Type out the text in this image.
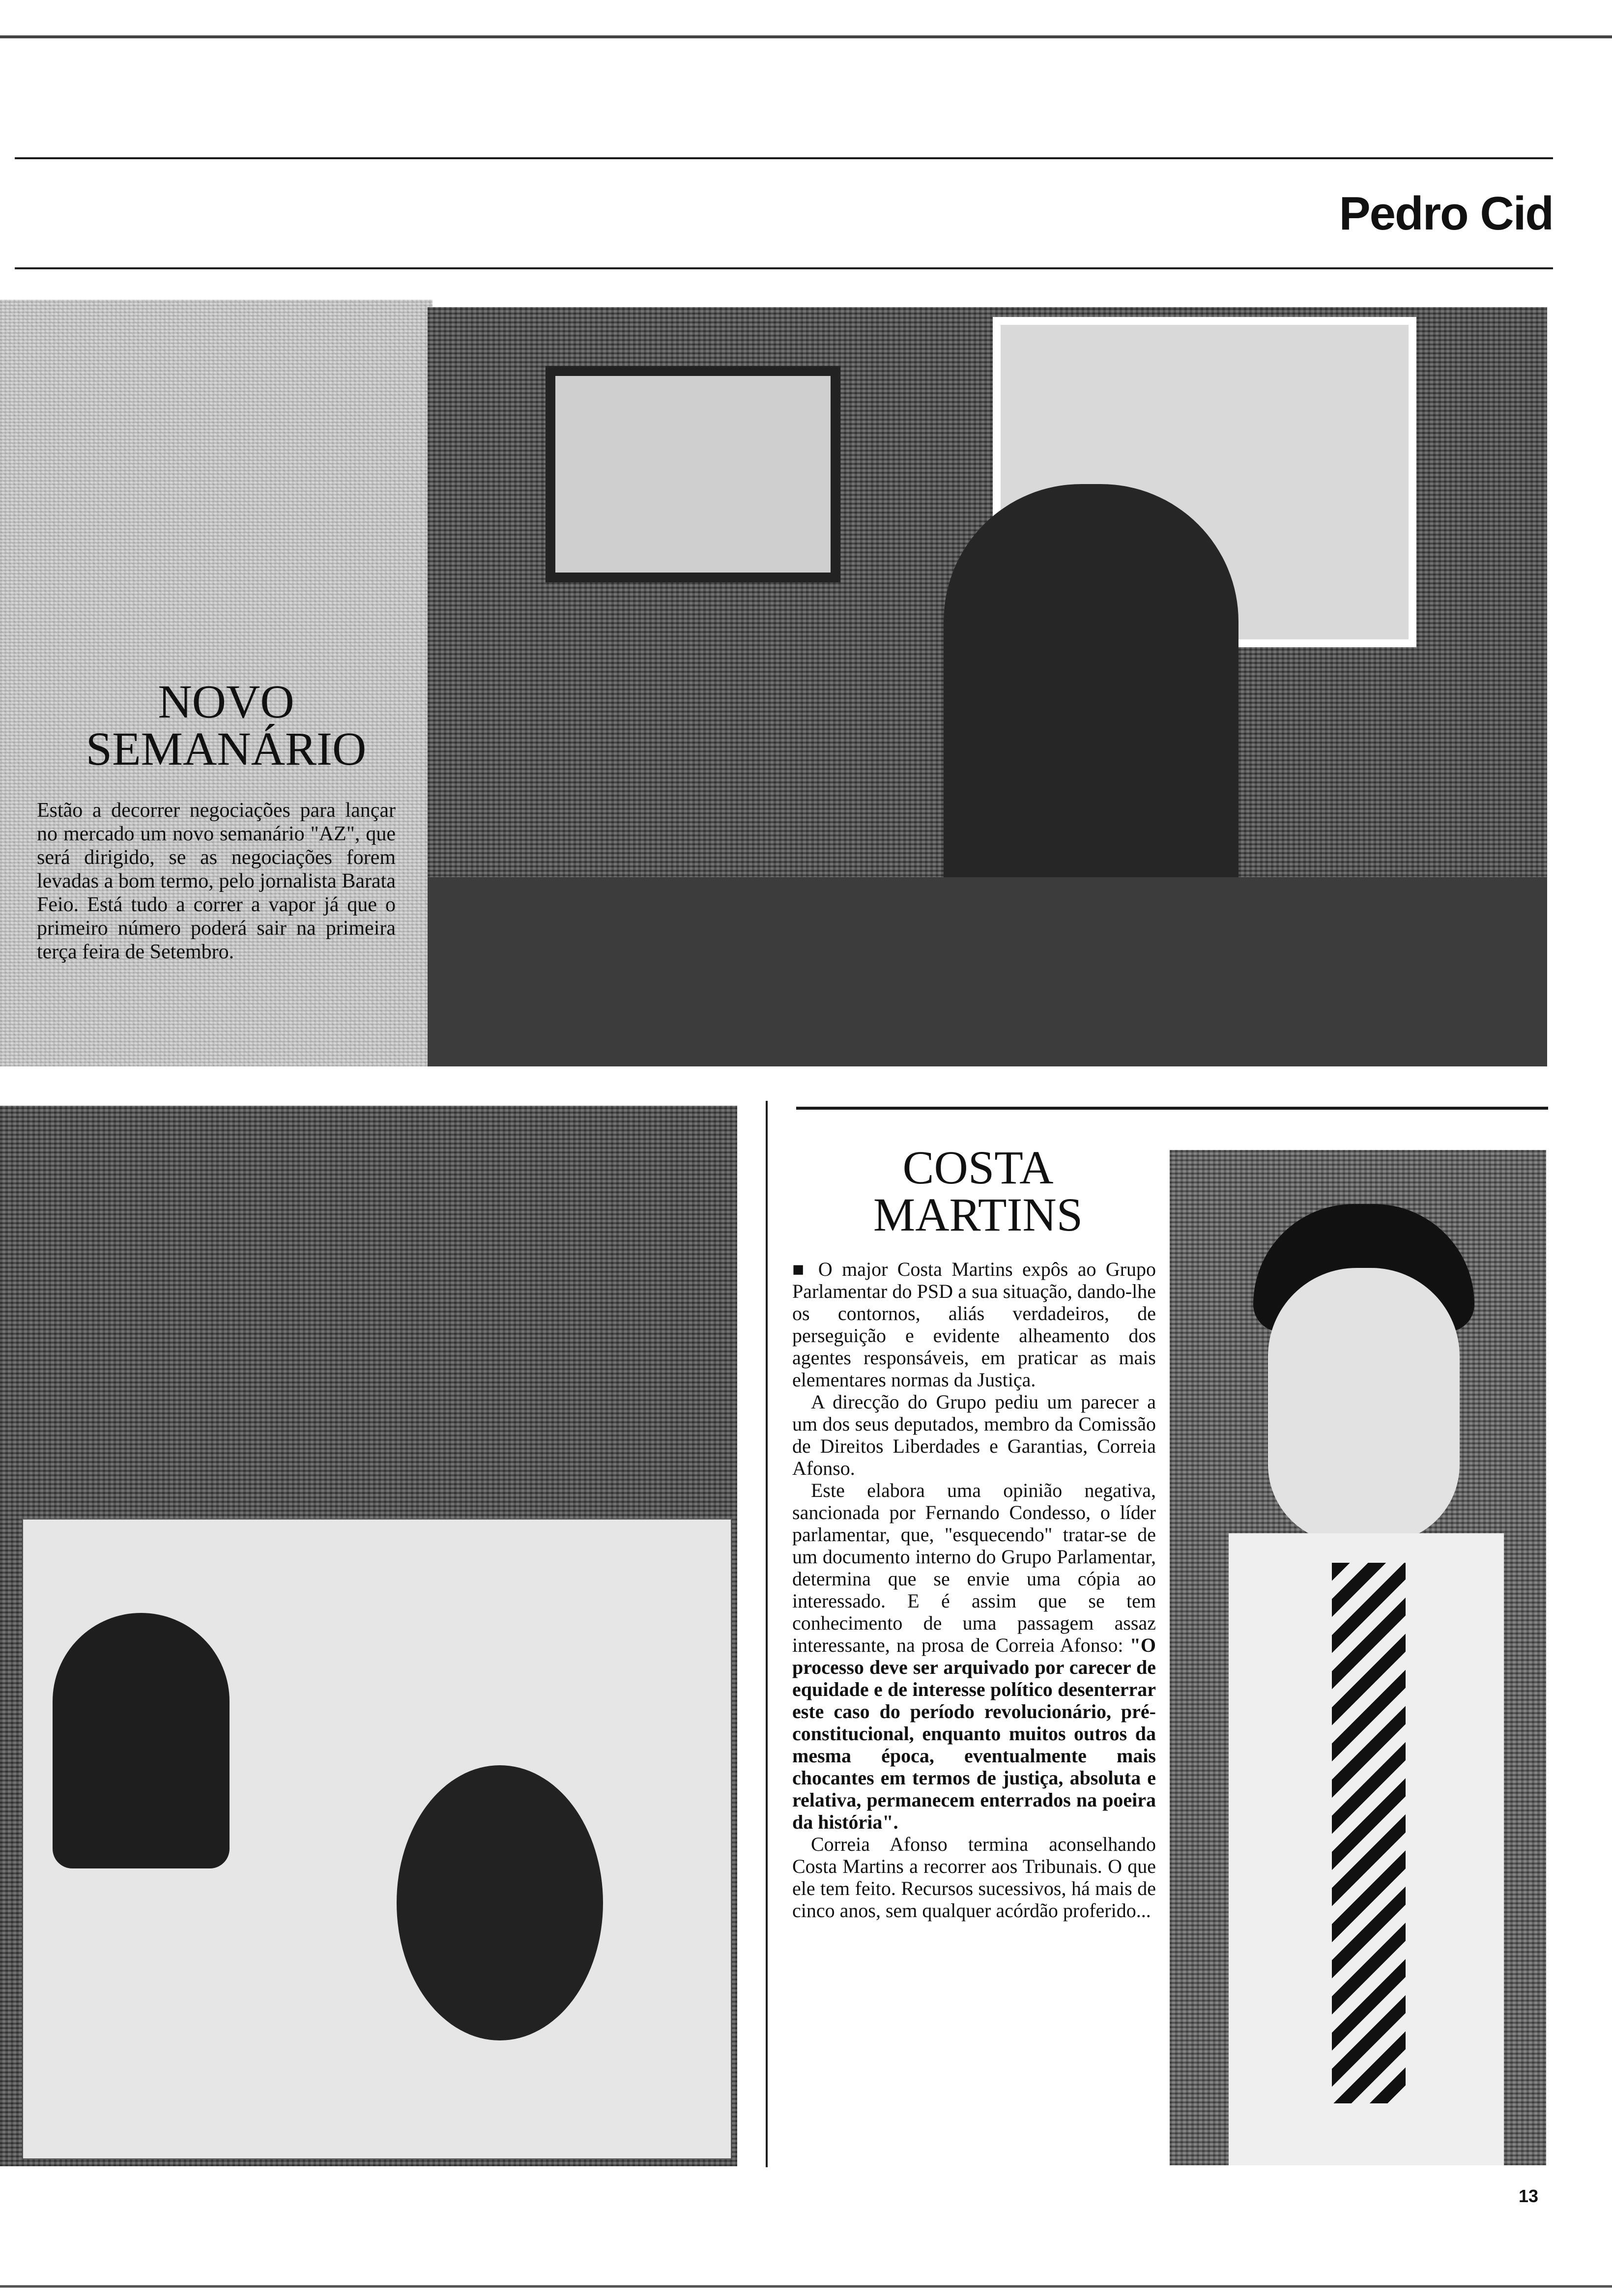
Pedro Cid
NOVO
SEMANÁRIO

Estão a decorrer negociações para lançar no mercado um novo semanário "AZ", que será dirigido, se as negociações forem levadas a bom termo, pelo jornalista Barata Feio. Está tudo a correr a vapor já que o primeiro número poderá sair na primeira terça feira de Setembro.

COSTA
MARTINS

■ O major Costa Martins expôs ao Grupo Parlamentar do PSD a sua situação, dando-lhe os contornos, aliás verdadeiros, de perseguição e evidente alheamento dos agentes responsáveis, em praticar as mais elementares normas da Justiça.

A direcção do Grupo pediu um parecer a um dos seus deputados, membro da Comissão de Direitos Liberdades e Garantias, Correia Afonso.

Este elabora uma opinião negativa, sancionada por Fernando Condesso, o líder parlamentar, que, "esquecendo" tratar-se de um documento interno do Grupo Parlamentar, determina que se envie uma cópia ao interessado. E é assim que se tem conhecimento de uma passagem assaz interessante, na prosa de Correia Afonso: "O processo deve ser arquivado por carecer de equidade e de interesse político desenterrar este caso do período revolucionário, pré-constitucional, enquanto muitos outros da mesma época, eventualmente mais chocantes em termos de justiça, absoluta e relativa, permanecem enterrados na poeira da história".

Correia Afonso termina aconselhando Costa Martins a recorrer aos Tribunais. O que ele tem feito. Recursos sucessivos, há mais de cinco anos, sem qualquer acórdão proferido...

13
